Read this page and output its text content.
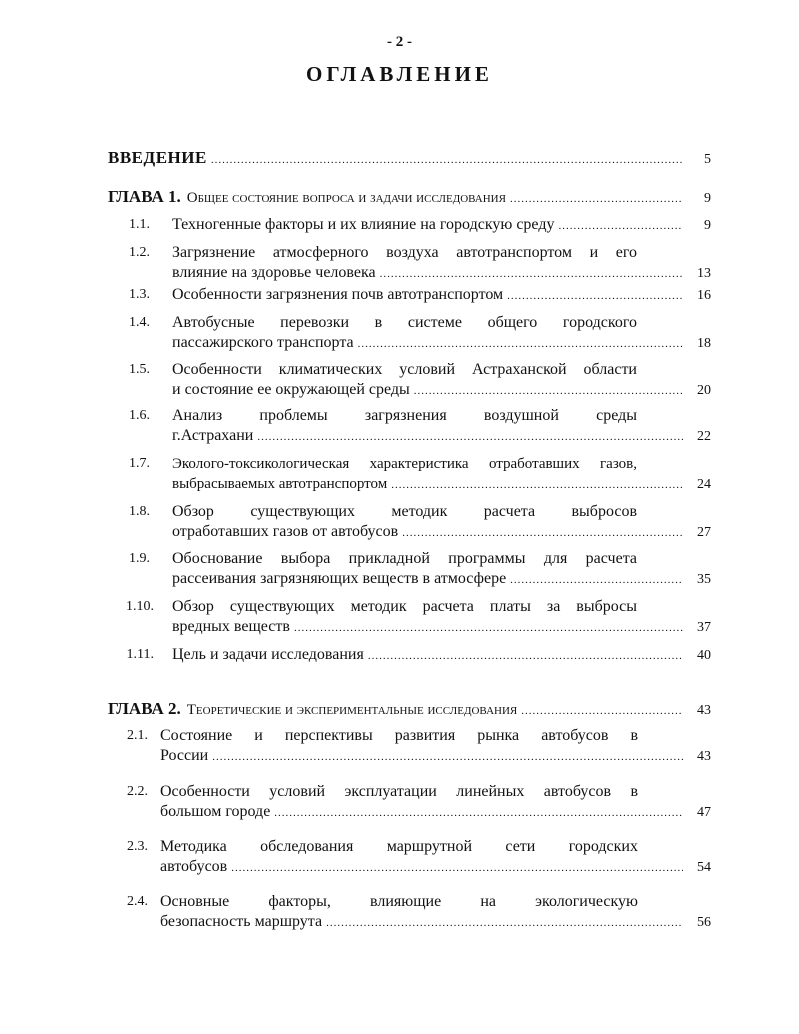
- 2 -
ОГЛАВЛЕНИЕ
ВВЕДЕНИЕ .....	5
ГЛАВА 1. Общее состояние вопроса и задачи исследования .....	9
1.1. Техногенные факторы и их влияние на городскую среду .....	9
1.2. Загрязнение атмосферного воздуха автотранспортом и его
влияние на здоровье человека .....	13
1.3. Особенности загрязнения почв автотранспортом .....	16
1.4. Автобусные перевозки в системе общего городского
пассажирского транспорта .....	18
1.5. Особенности климатических условий Астраханской области
и состояние ее окружающей среды .....	20
1.6. Анализ проблемы загрязнения воздушной среды
г.Астрахани .....	22
1.7. Эколого-токсикологическая характеристика отработавших газов,
выбрасываемых автотранспортом .....	24
1.8. Обзор существующих методик расчета выбросов
отработавших газов от автобусов .....	27
1.9. Обоснование выбора прикладной программы для расчета
рассеивания загрязняющих веществ в атмосфере .....	35
1.10. Обзор существующих методик расчета платы за выбросы
вредных веществ .....	37
1.11. Цель и задачи исследования .....	40
ГЛАВА 2. Теоретические и экспериментальные исследования .....	43
2.1. Состояние и перспективы развития рынка автобусов в
России .....	43
2.2. Особенности условий эксплуатации линейных автобусов в
большом городе .....	47
2.3. Методика обследования маршрутной сети городских
автобусов .....	54
2.4. Основные факторы, влияющие на экологическую
безопасность маршрута .....	56
